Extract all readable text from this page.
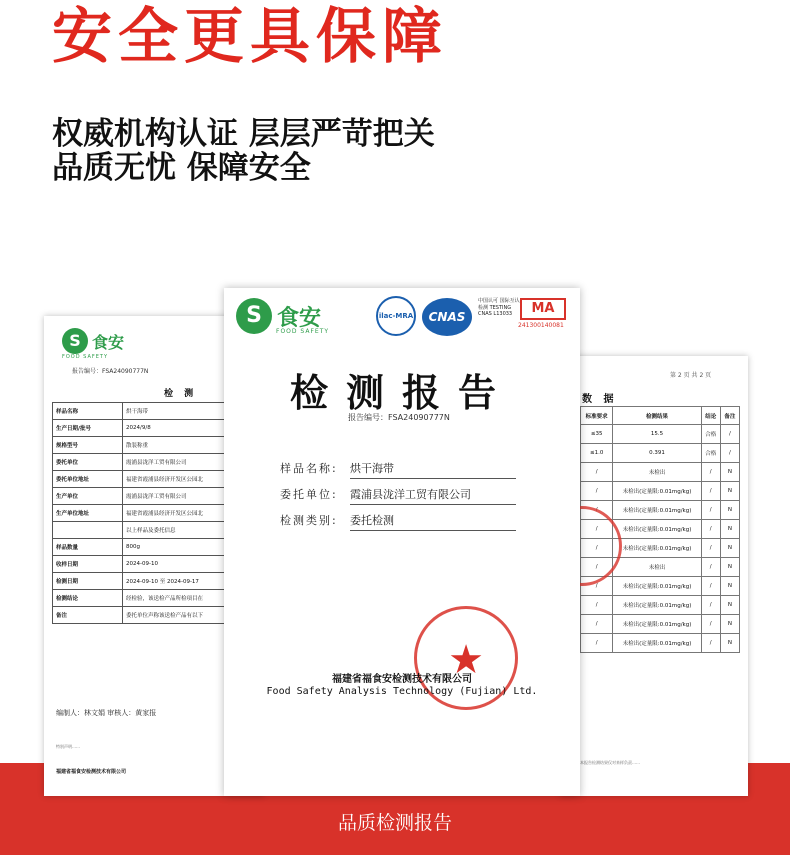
安全更具保障
权威机构认证 层层严苛把关
品质无忧 保障安全
S 食安
FOOD SAFETY
报告编号：FSA24090777N
检 测
样品名称	烘干海带
生产日期/批号	2024/9/8
规格型号	散装称重
委托单位	霞浦县泷洋工贸有限公司
委托单位地址	福建省霞浦县经济开发区公园北
生产单位	霞浦县泷洋工贸有限公司
生产单位地址	福建省霞浦县经济开发区公园北
	以上样品及委托信息
样品数量	800g
收样日期	2024-09-10
检测日期	2024-09-10 至 2024-09-17
检测结论	经检验，该送检产品所检项目在
备注	委托单位声称该送检产品有以下
编制人：林文娟 审核人：黄家报
特别声明……
福建省福食安检测技术有限公司
第 2 页 共 2 页
数 据
标准要求	检测结果	结论	备注
≤35	15.5	合格	/
≤1.0	0.391	合格	/
/	未检出	/	N
/	未检出(定量限:0.01mg/kg)	/	N
/	未检出(定量限:0.01mg/kg)	/	N
/	未检出(定量限:0.01mg/kg)	/	N
/	未检出(定量限:0.01mg/kg)	/	N
/	未检出	/	N
/	未检出(定量限:0.01mg/kg)	/	N
/	未检出(定量限:0.01mg/kg)	/	N
/	未检出(定量限:0.01mg/kg)	/	N
/	未检出(定量限:0.01mg/kg)	/	N
本报告检测结果仅对来样负责……
S 食安
FOOD SAFETY
ilac-MRA	CNAS
中国认可 国际互认 检测 TESTING CNAS L13033	MA
241300140081
检测报告
报告编号：FSA24090777N
样品名称:	烘干海带
委托单位:	霞浦县泷洋工贸有限公司
检测类别:	委托检测
★
福建省福食安检测技术有限公司
Food Safety Analysis Technology (Fujian) Ltd.
品质检测报告
